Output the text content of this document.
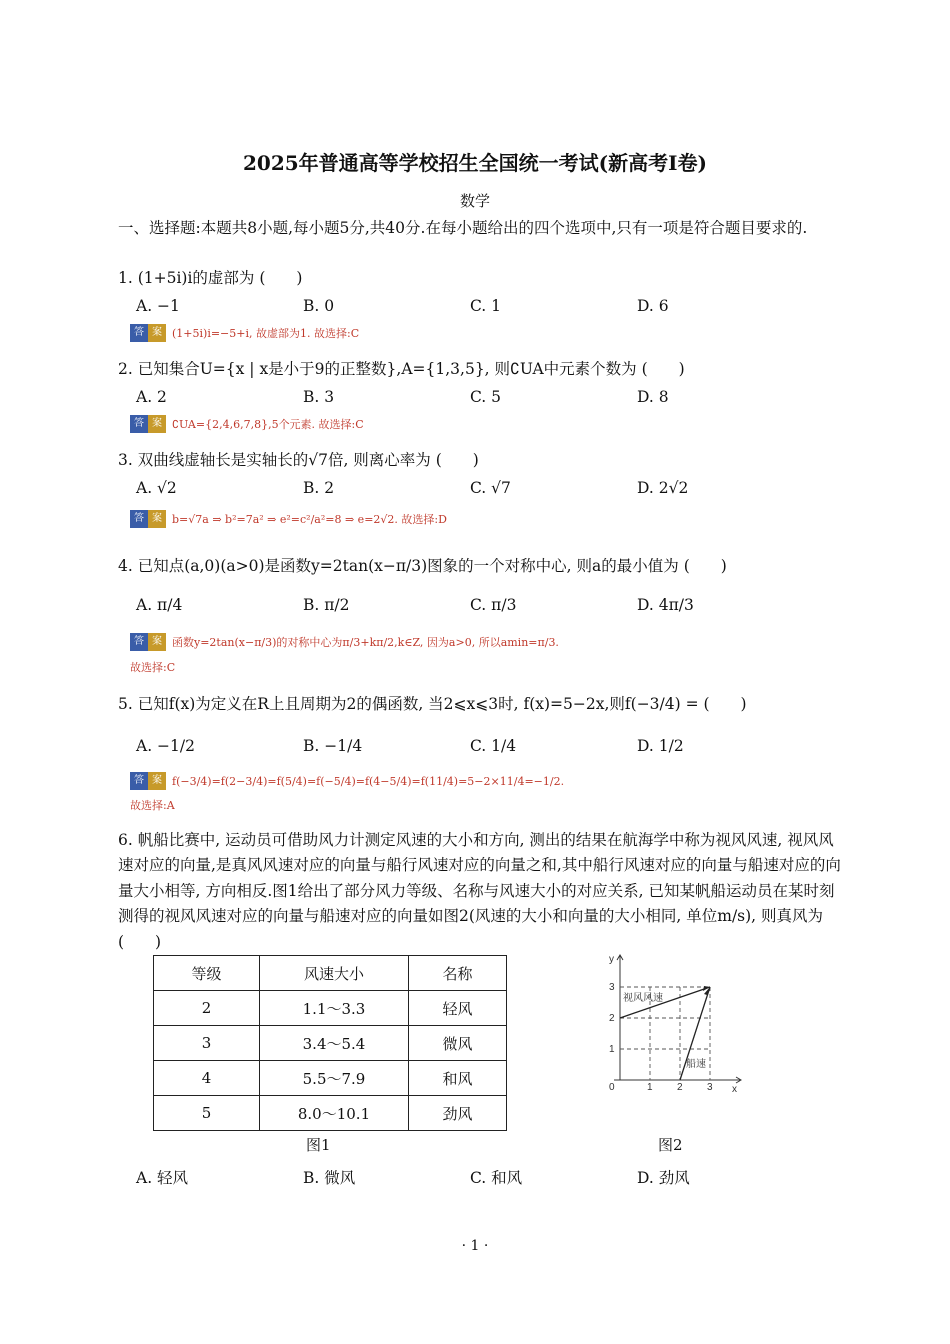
2025年普通高等学校招生全国统一考试(新高考I卷)
数学
一、选择题:本题共8小题,每小题5分,共40分.在每小题给出的四个选项中,只有一项是符合题目要求的.
1. (1+5i)i的虚部为 (　　)
A. −1	B. 0	C. 1	D. 6
答 案 (1+5i)i=−5+i, 故虚部为1. 故选择:C
2. 已知集合U={x | x是小于9的正整数},A={1,3,5}, 则∁UA中元素个数为 (　　)
A. 2	B. 3	C. 5	D. 8
答 案 ∁UA={2,4,6,7,8},5个元素. 故选择:C
3. 双曲线虚轴长是实轴长的√7倍, 则离心率为 (　　)
A. √2	B. 2	C. √7	D. 2√2
答 案 b=√7a ⇒ b²=7a² ⇒ e²=c²/a²=8 ⇒ e=2√2. 故选择:D
4. 已知点(a,0)(a>0)是函数y=2tan(x−π/3)图象的一个对称中心, 则a的最小值为 (　　)
A. π/4	B. π/2	C. π/3	D. 4π/3
答 案 函数y=2tan(x−π/3)的对称中心为π/3+kπ/2,k∈Z, 因为a>0, 所以amin=π/3.
故选择:C
5. 已知f(x)为定义在R上且周期为2的偶函数, 当2⩽x⩽3时, f(x)=5−2x,则f(−3/4) = (　　)
A. −1/2	B. −1/4	C. 1/4	D. 1/2
答 案 f(−3/4)=f(2−3/4)=f(5/4)=f(−5/4)=f(4−5/4)=f(11/4)=5−2×11/4=−1/2.
故选择:A
6. 帆船比赛中, 运动员可借助风力计测定风速的大小和方向, 测出的结果在航海学中称为视风风速, 视风风速对应的向量,是真风风速对应的向量与船行风速对应的向量之和,其中船行风速对应的向量与船速对应的向量大小相等, 方向相反.图1给出了部分风力等级、名称与风速大小的对应关系, 已知某帆船运动员在某时刻测得的视风风速对应的向量与船速对应的向量如图2(风速的大小和向量的大小相同, 单位m/s), 则真风为 (　　)
等级	风速大小	名称
2	1.1～3.3	轻风
3	3.4～5.4	微风
4	5.5～7.9	和风
5	8.0～10.1	劲风
图1
y
x
0	1 2 3
1
2
3
视风风速
船速
图2
A. 轻风	B. 微风	C. 和风	D. 劲风
· 1 ·
